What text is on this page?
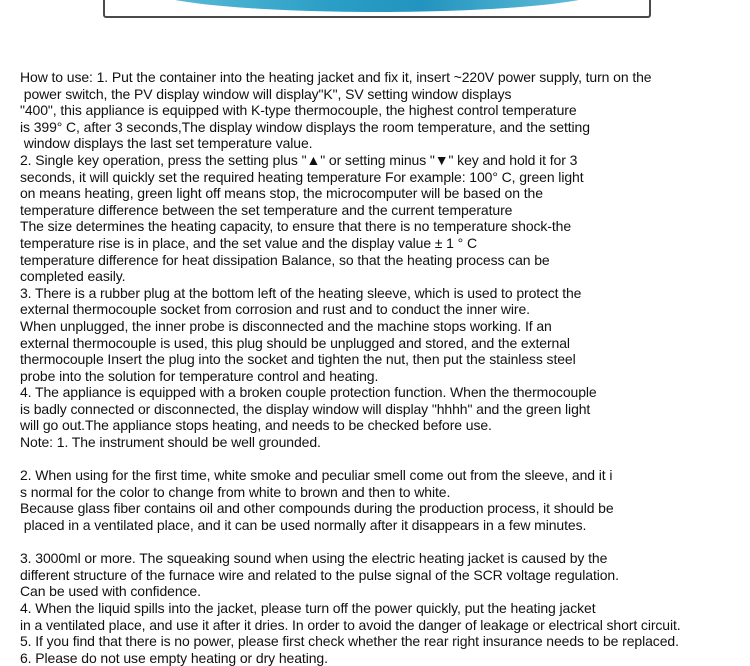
How to use: 1. Put the container into the heating jacket and fix it, insert ~220V power supply, turn on the
power switch, the PV display window will display"K", SV setting window displays
"400", this appliance is equipped with K-type thermocouple, the highest control temperature
is 399° C, after 3 seconds,The display window displays the room temperature, and the setting
window displays the last set temperature value.
2. Single key operation, press the setting plus "▲" or setting minus "▼" key and hold it for 3
seconds, it will quickly set the required heating temperature For example: 100° C, green light
on means heating, green light off means stop, the microcomputer will be based on the
temperature difference between the set temperature and the current temperature
The size determines the heating capacity, to ensure that there is no temperature shock-the
temperature rise is in place, and the set value and the display value ± 1 ° C
temperature difference for heat dissipation Balance, so that the heating process can be
completed easily.
3. There is a rubber plug at the bottom left of the heating sleeve, which is used to protect the
external thermocouple socket from corrosion and rust and to conduct the inner wire.
When unplugged, the inner probe is disconnected and the machine stops working. If an
external thermocouple is used, this plug should be unplugged and stored, and the external
thermocouple Insert the plug into the socket and tighten the nut, then put the stainless steel
probe into the solution for temperature control and heating.
4. The appliance is equipped with a broken couple protection function. When the thermocouple
is badly connected or disconnected, the display window will display "hhhh" and the green light
will go out.The appliance stops heating, and needs to be checked before use.
Note: 1. The instrument should be well grounded.
2. When using for the first time, white smoke and peculiar smell come out from the sleeve, and it i
s normal for the color to change from white to brown and then to white.
Because glass fiber contains oil and other compounds during the production process, it should be
placed in a ventilated place, and it can be used normally after it disappears in a few minutes.
3. 3000ml or more. The squeaking sound when using the electric heating jacket is caused by the
different structure of the furnace wire and related to the pulse signal of the SCR voltage regulation.
Can be used with confidence.
4. When the liquid spills into the jacket, please turn off the power quickly, put the heating jacket
in a ventilated place, and use it after it dries. In order to avoid the danger of leakage or electrical short circuit.
5. If you find that there is no power, please first check whether the rear right insurance needs to be replaced.
6. Please do not use empty heating or dry heating.
